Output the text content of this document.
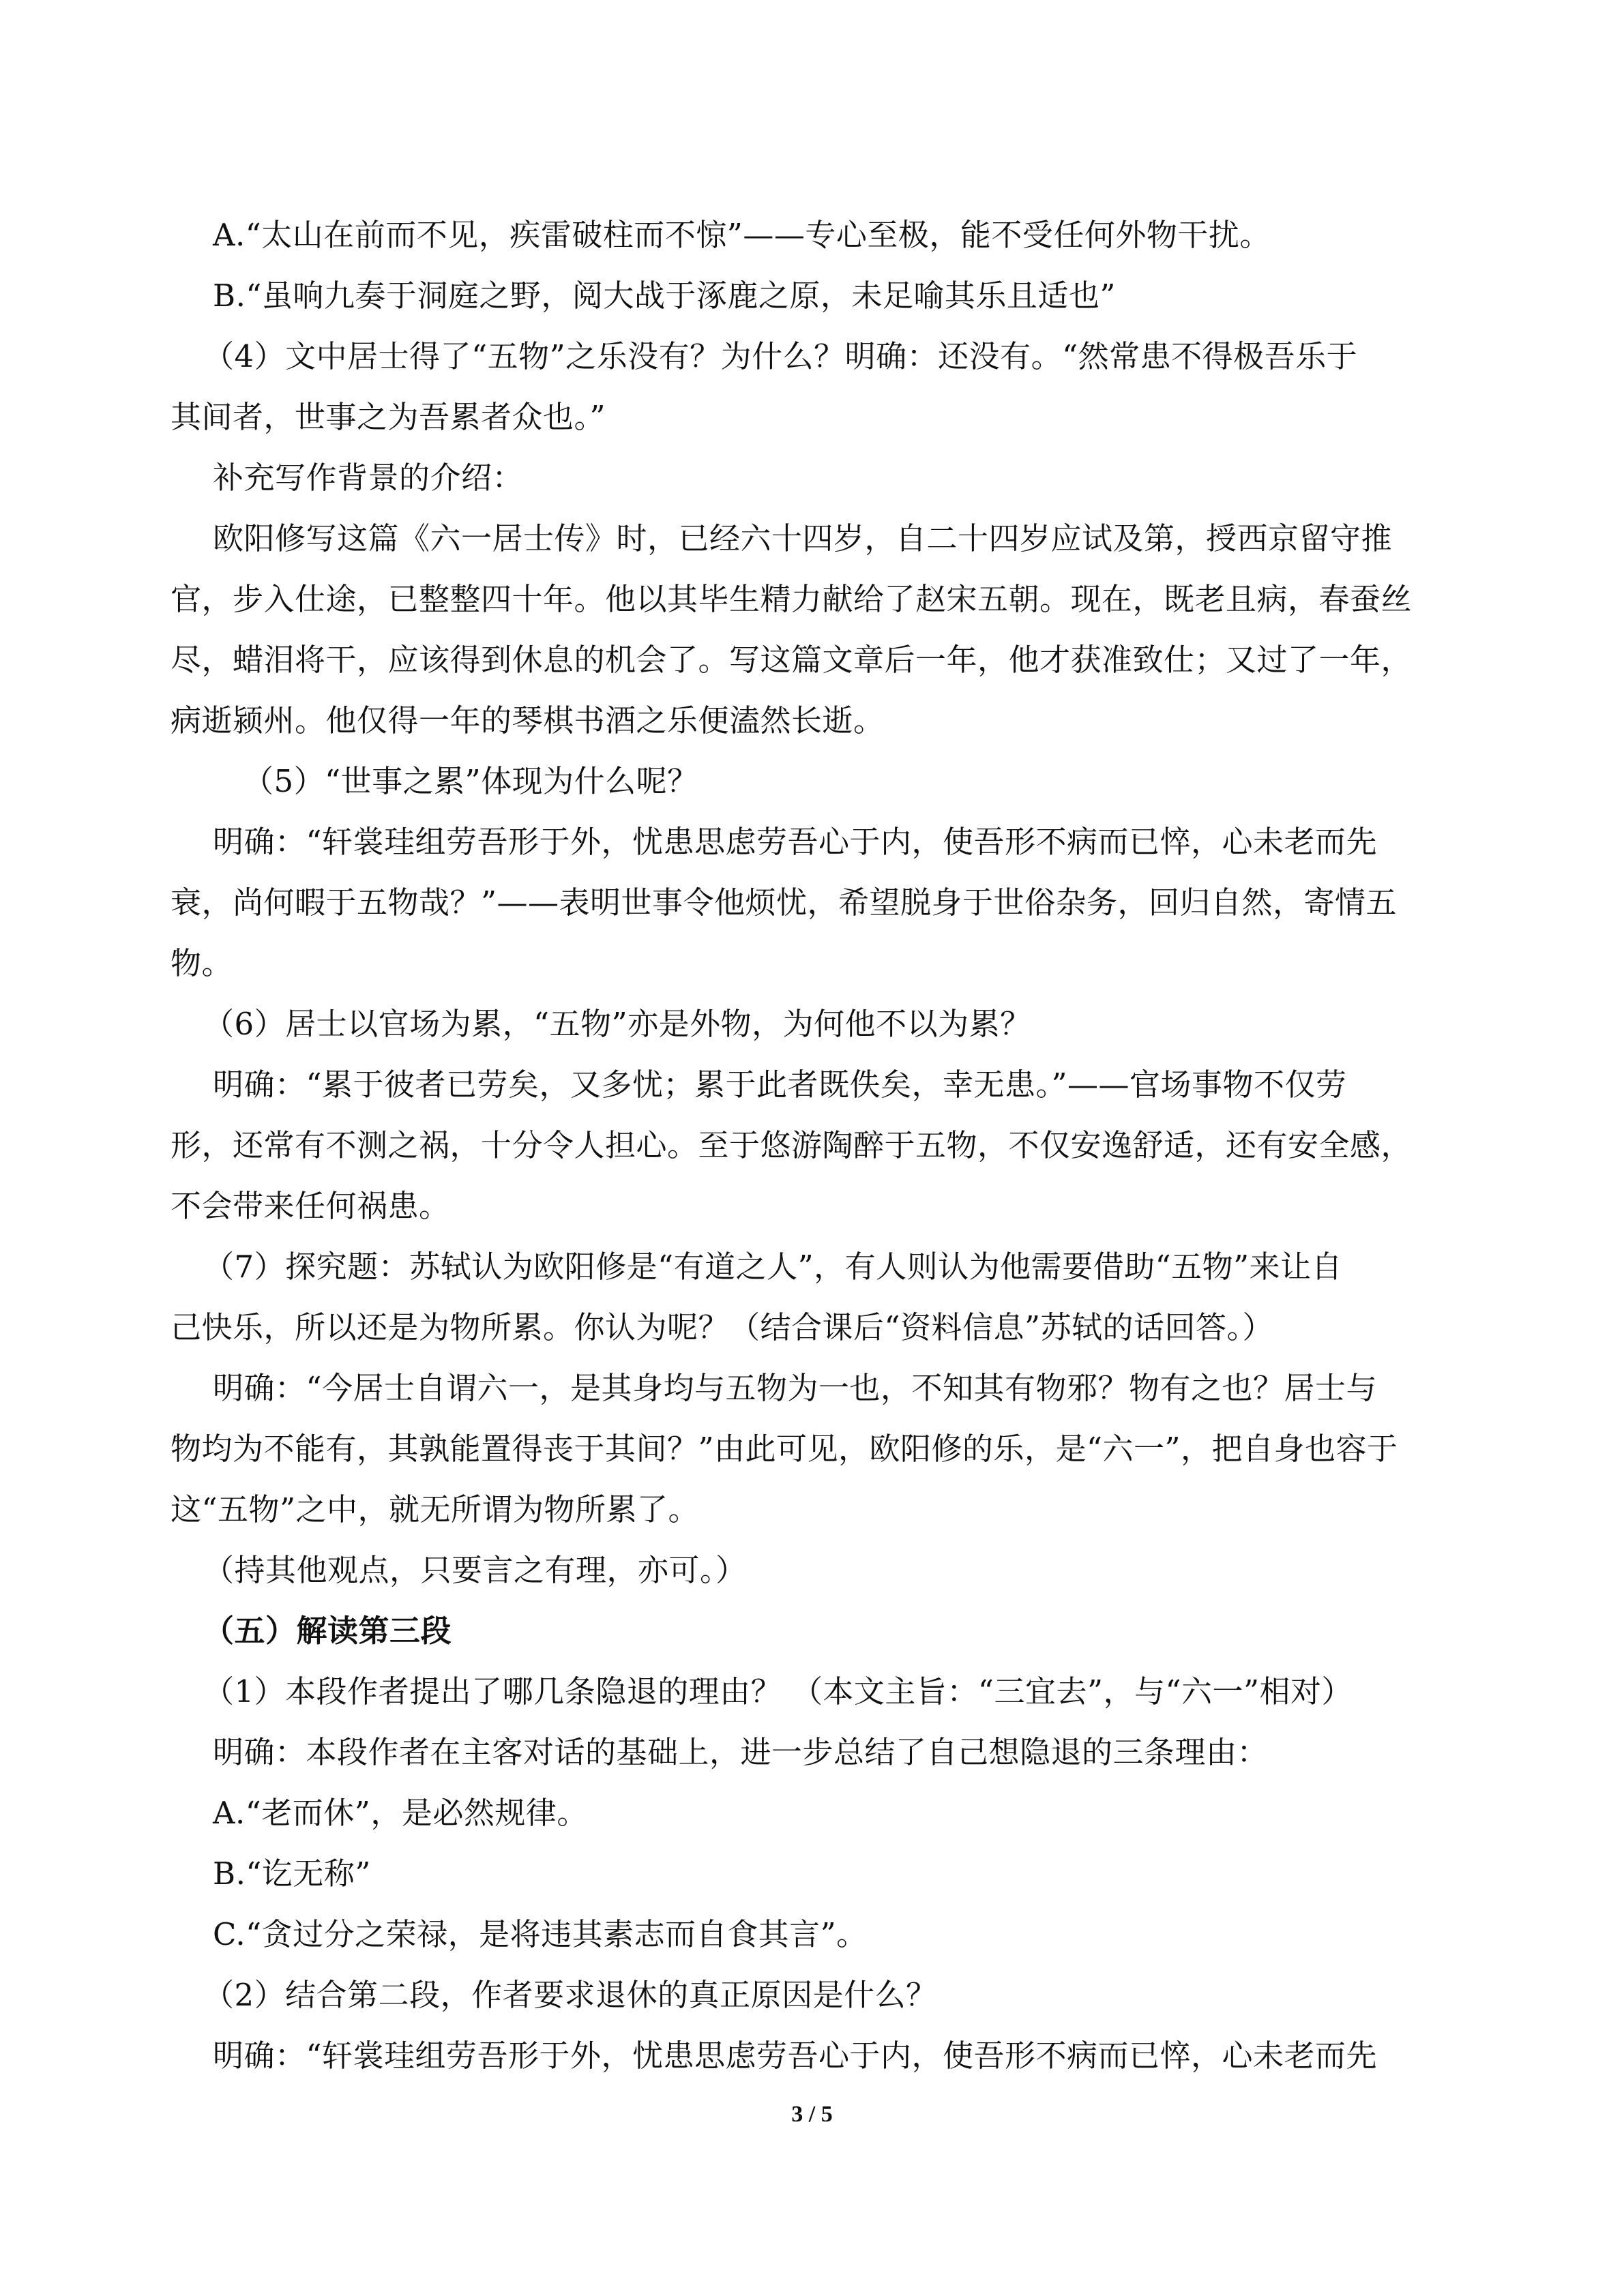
A.“太山在前而不见，疾雷破柱而不惊”——专心至极，能不受任何外物干扰。
B.“虽响九奏于洞庭之野，阅大战于涿鹿之原，未足喻其乐且适也”
（4）文中居士得了“五物”之乐没有？为什么？明确：还没有。“然常患不得极吾乐于
其间者，世事之为吾累者众也。”
补充写作背景的介绍：
欧阳修写这篇《六一居士传》时，已经六十四岁，自二十四岁应试及第，授西京留守推
官，步入仕途，已整整四十年。他以其毕生精力献给了赵宋五朝。现在，既老且病，春蚕丝
尽，蜡泪将干，应该得到休息的机会了。写这篇文章后一年，他才获准致仕；又过了一年，
病逝颍州。他仅得一年的琴棋书酒之乐便溘然长逝。
（5）“世事之累”体现为什么呢？
明确：“轩裳珪组劳吾形于外，忧患思虑劳吾心于内，使吾形不病而已悴，心未老而先
衰，尚何暇于五物哉？”——表明世事令他烦忧，希望脱身于世俗杂务，回归自然，寄情五
物。
（6）居士以官场为累，“五物”亦是外物，为何他不以为累？
明确：“累于彼者已劳矣，又多忧；累于此者既佚矣，幸无患。”——官场事物不仅劳
形，还常有不测之祸，十分令人担心。至于悠游陶醉于五物，不仅安逸舒适，还有安全感，
不会带来任何祸患。
（7）探究题：苏轼认为欧阳修是“有道之人”，有人则认为他需要借助“五物”来让自
己快乐，所以还是为物所累。你认为呢？（结合课后“资料信息”苏轼的话回答。）
明确：“今居士自谓六一，是其身均与五物为一也，不知其有物邪？物有之也？居士与
物均为不能有，其孰能置得丧于其间？”由此可见，欧阳修的乐，是“六一”，把自身也容于
这“五物”之中，就无所谓为物所累了。
（持其他观点，只要言之有理，亦可。）
（五）解读第三段
（1）本段作者提出了哪几条隐退的理由？ （本文主旨：“三宜去”，与“六一”相对）
明确：本段作者在主客对话的基础上，进一步总结了自己想隐退的三条理由：
A.“老而休”，是必然规律。
B.“讫无称”
C.“贪过分之荣禄，是将违其素志而自食其言”。
（2）结合第二段，作者要求退休的真正原因是什么？
明确：“轩裳珪组劳吾形于外，忧患思虑劳吾心于内，使吾形不病而已悴，心未老而先
3 / 5
